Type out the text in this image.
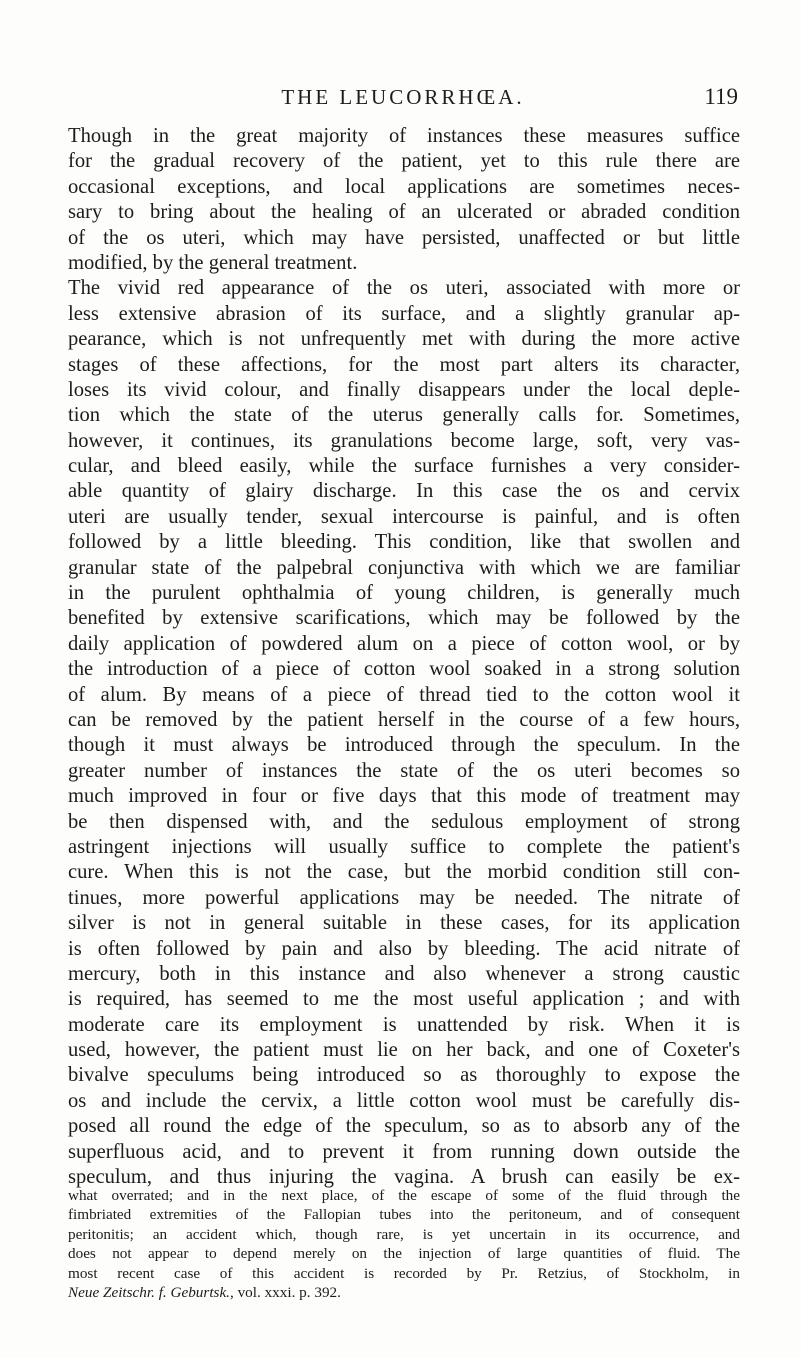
THE LEUCORRHŒA.	119
Though in the great majority of instances these measures suffice
for the gradual recovery of the patient, yet to this rule there are
occasional exceptions, and local applications are sometimes neces-
sary to bring about the healing of an ulcerated or abraded condition
of the os uteri, which may have persisted, unaffected or but little
modified, by the general treatment.
The vivid red appearance of the os uteri, associated with more or
less extensive abrasion of its surface, and a slightly granular ap-
pearance, which is not unfrequently met with during the more active
stages of these affections, for the most part alters its character,
loses its vivid colour, and finally disappears under the local deple-
tion which the state of the uterus generally calls for. Sometimes,
however, it continues, its granulations become large, soft, very vas-
cular, and bleed easily, while the surface furnishes a very consider-
able quantity of glairy discharge. In this case the os and cervix
uteri are usually tender, sexual intercourse is painful, and is often
followed by a little bleeding. This condition, like that swollen and
granular state of the palpebral conjunctiva with which we are familiar
in the purulent ophthalmia of young children, is generally much
benefited by extensive scarifications, which may be followed by the
daily application of powdered alum on a piece of cotton wool, or by
the introduction of a piece of cotton wool soaked in a strong solution
of alum. By means of a piece of thread tied to the cotton wool it
can be removed by the patient herself in the course of a few hours,
though it must always be introduced through the speculum. In the
greater number of instances the state of the os uteri becomes so
much improved in four or five days that this mode of treatment may
be then dispensed with, and the sedulous employment of strong
astringent injections will usually suffice to complete the patient's
cure. When this is not the case, but the morbid condition still con-
tinues, more powerful applications may be needed. The nitrate of
silver is not in general suitable in these cases, for its application
is often followed by pain and also by bleeding. The acid nitrate of
mercury, both in this instance and also whenever a strong caustic
is required, has seemed to me the most useful application ; and with
moderate care its employment is unattended by risk. When it is
used, however, the patient must lie on her back, and one of Coxeter's
bivalve speculums being introduced so as thoroughly to expose the
os and include the cervix, a little cotton wool must be carefully dis-
posed all round the edge of the speculum, so as to absorb any of the
superfluous acid, and to prevent it from running down outside the
speculum, and thus injuring the vagina. A brush can easily be ex-
what overrated; and in the next place, of the escape of some of the fluid through the
fimbriated extremities of the Fallopian tubes into the peritoneum, and of consequent
peritonitis; an accident which, though rare, is yet uncertain in its occurrence, and
does not appear to depend merely on the injection of large quantities of fluid. The
most recent case of this accident is recorded by Pr. Retzius, of Stockholm, in
Neue Zeitschr. f. Geburtsk., vol. xxxi. p. 392.
